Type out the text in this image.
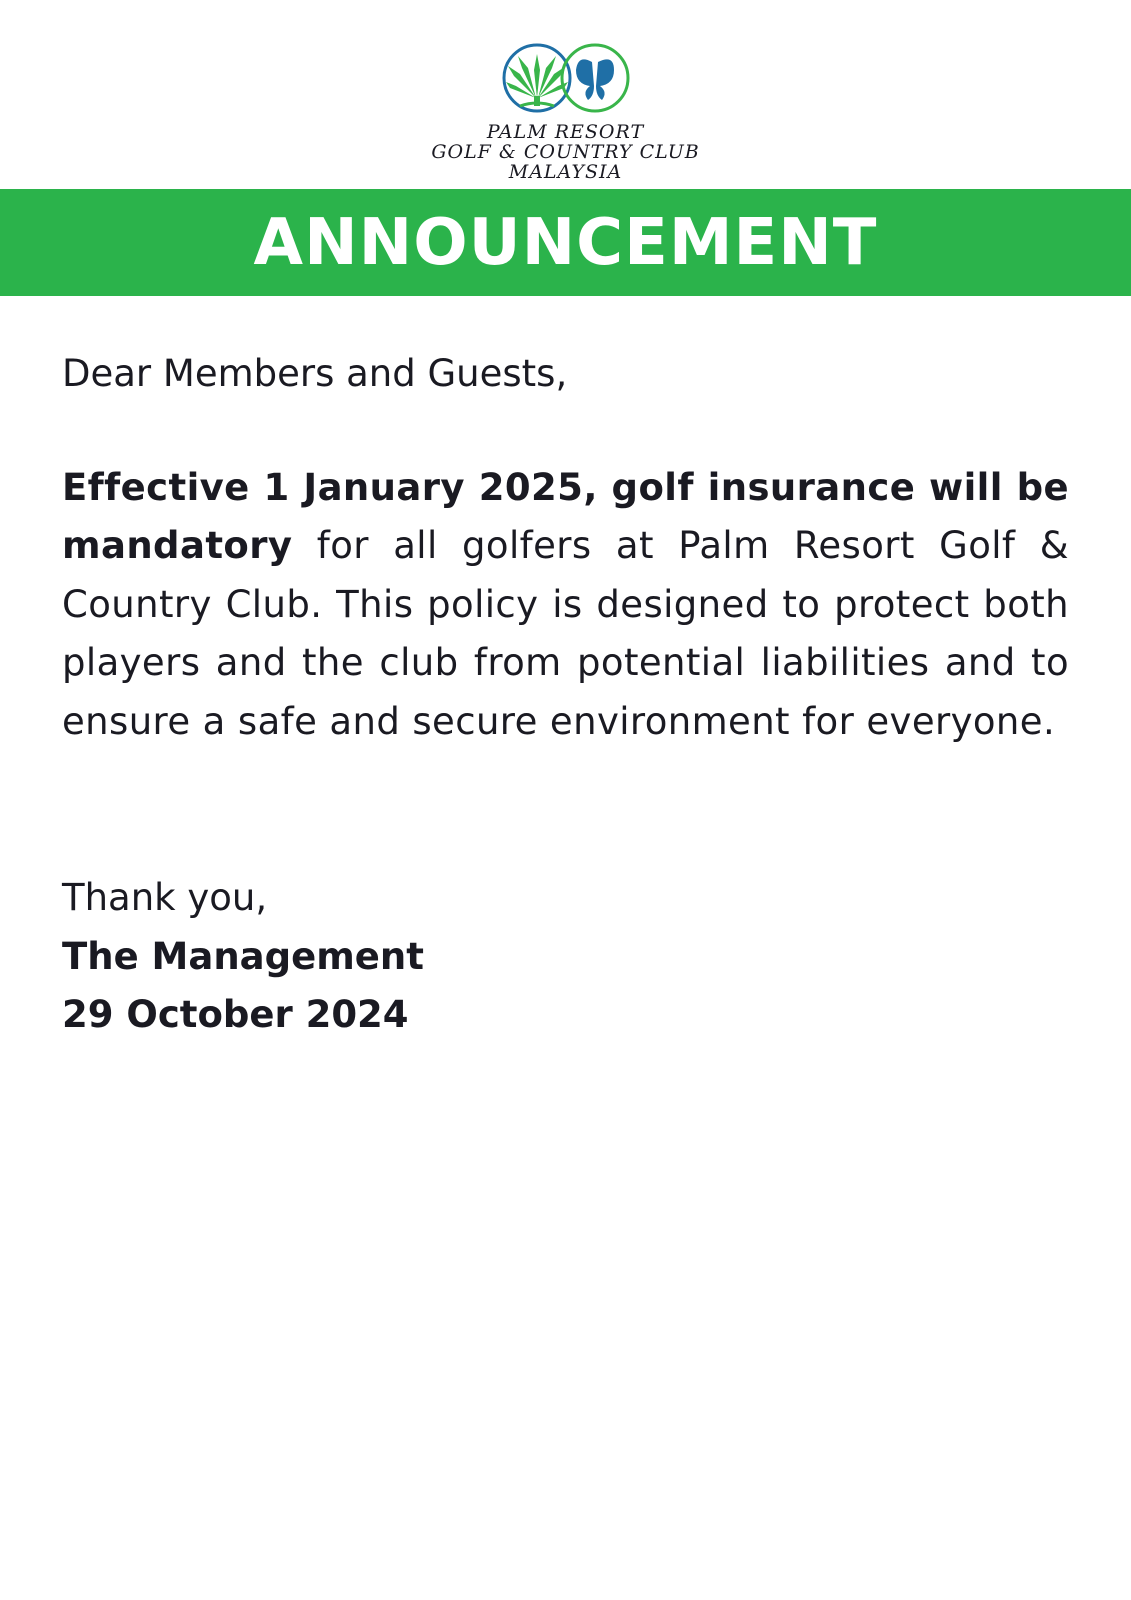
PALM RESORT
GOLF & COUNTRY CLUB
MALAYSIA
ANNOUNCEMENT

Dear Members and Guests,

Effective 1 January 2025, golf insurance will be mandatory for all golfers at Palm Resort Golf & Country Club. This policy is designed to protect both players and the club from potential liabilities and to ensure a safe and secure environment for everyone.

Thank you,
The Management
29 October 2024
